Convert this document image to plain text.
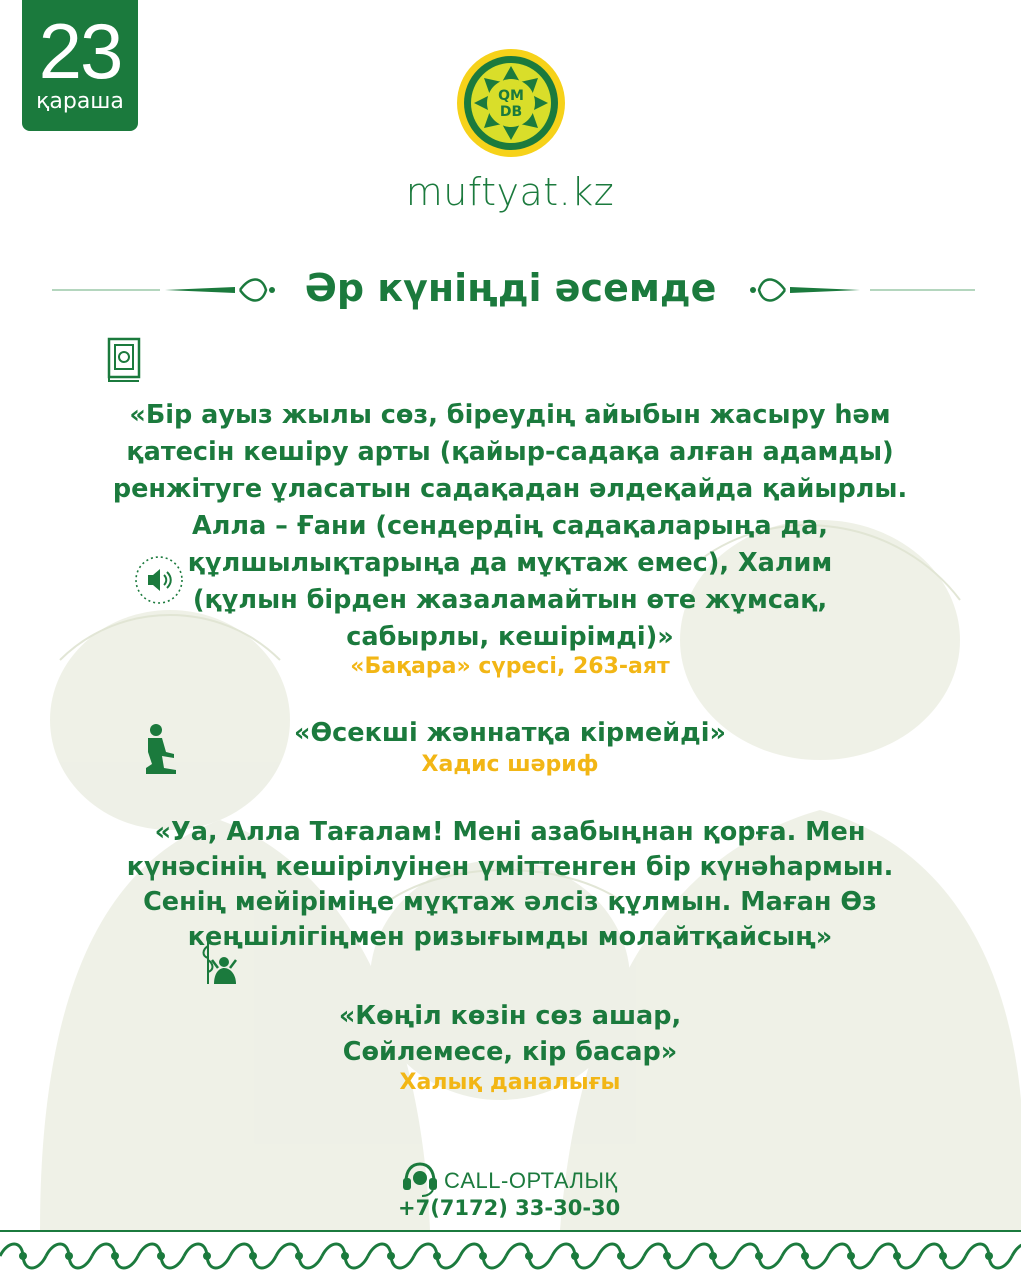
23
қараша	QM
DB
muftyat.kz
Әр күніңді әсемде
«Бір ауыз жылы сөз, біреудің айыбын жасыру һәм
қатесін кешіру арты (қайыр-садақа алған адамды)
ренжітуге ұласатын садақадан әлдеқайда қайырлы.
Алла – Ғани (сендердің садақаларыңа да,
құлшылықтарыңа да мұқтаж емес), Халим
(құлын бірден жазаламайтын өте жұмсақ,
сабырлы, кешірімді)»
«Бақара» сүресі, 263-аят
«Өсекші жәннатқа кірмейді»
Хадис шәриф
«Уа, Алла Тағалам! Мені азабыңнан қорға. Мен
күнәсінің кешірілуінен үміттенген бір күнәһармын.
Сенің мейіріміңе мұқтаж әлсіз құлмын. Маған Өз
кеңшілігіңмен ризығымды молайтқайсың»
«Көңіл көзін сөз ашар,
Сөйлемесе, кір басар»
Халық даналығы
CALL-ОРТАЛЫҚ
+7(7172) 33-30-30
